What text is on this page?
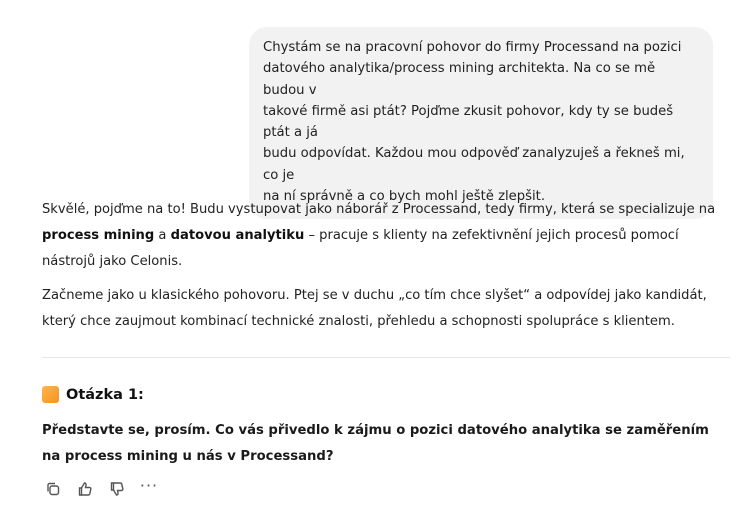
Chystám se na pracovní pohovor do firmy Processand na pozici
datového analytika/process mining architekta. Na co se mě budou v
takové firmě asi ptát? Pojďme zkusit pohovor, kdy ty se budeš ptát a já
budu odpovídat. Každou mou odpověď zanalyzuješ a řekneš mi, co je
na ní správně a co bych mohl ještě zlepšit.

Skvělé, pojďme na to! Budu vystupovat jako náborář z Processand, tedy firmy, která se specializuje na process mining a datovou analytiku – pracuje s klienty na zefektivnění jejich procesů pomocí nástrojů jako Celonis.

Začneme jako u klasického pohovoru. Ptej se v duchu „co tím chce slyšet“ a odpovídej jako kandidát, který chce zaujmout kombinací technické znalosti, přehledu a schopnosti spolupráce s klientem.

Otázka 1:
Představte se, prosím. Co vás přivedlo k zájmu o pozici datového analytika se zaměřením na process mining u nás v Processand?
···
